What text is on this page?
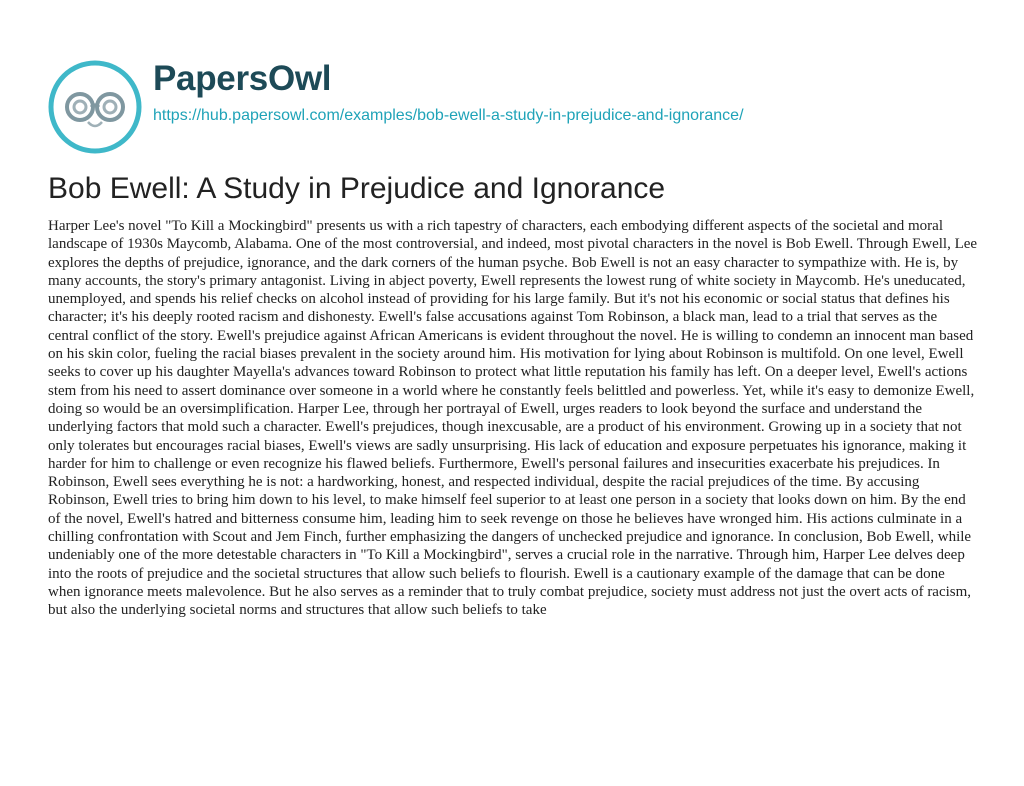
PapersOwl
https://hub.papersowl.com/examples/bob-ewell-a-study-in-prejudice-and-ignorance/
Bob Ewell: A Study in Prejudice and Ignorance

Harper Lee's novel "To Kill a Mockingbird" presents us with a rich tapestry of characters, each embodying different aspects of the societal and moral landscape of 1930s Maycomb, Alabama. One of the most controversial, and indeed, most pivotal characters in the novel is Bob Ewell. Through Ewell, Lee explores the depths of prejudice, ignorance, and the dark corners of the human psyche. Bob Ewell is not an easy character to sympathize with. He is, by many accounts, the story's primary antagonist. Living in abject poverty, Ewell represents the lowest rung of white society in Maycomb. He's uneducated, unemployed, and spends his relief checks on alcohol instead of providing for his large family. But it's not his economic or social status that defines his character; it's his deeply rooted racism and dishonesty. Ewell's false accusations against Tom Robinson, a black man, lead to a trial that serves as the central conflict of the story. Ewell's prejudice against African Americans is evident throughout the novel. He is willing to condemn an innocent man based on his skin color, fueling the racial biases prevalent in the society around him. His motivation for lying about Robinson is multifold. On one level, Ewell seeks to cover up his daughter Mayella's advances toward Robinson to protect what little reputation his family has left. On a deeper level, Ewell's actions stem from his need to assert dominance over someone in a world where he constantly feels belittled and powerless. Yet, while it's easy to demonize Ewell, doing so would be an oversimplification. Harper Lee, through her portrayal of Ewell, urges readers to look beyond the surface and understand the underlying factors that mold such a character. Ewell's prejudices, though inexcusable, are a product of his environment. Growing up in a society that not only tolerates but encourages racial biases, Ewell's views are sadly unsurprising. His lack of education and exposure perpetuates his ignorance, making it harder for him to challenge or even recognize his flawed beliefs. Furthermore, Ewell's personal failures and insecurities exacerbate his prejudices. In Robinson, Ewell sees everything he is not: a hardworking, honest, and respected individual, despite the racial prejudices of the time. By accusing Robinson, Ewell tries to bring him down to his level, to make himself feel superior to at least one person in a society that looks down on him. By the end of the novel, Ewell's hatred and bitterness consume him, leading him to seek revenge on those he believes have wronged him. His actions culminate in a chilling confrontation with Scout and Jem Finch, further emphasizing the dangers of unchecked prejudice and ignorance. In conclusion, Bob Ewell, while undeniably one of the more detestable characters in "To Kill a Mockingbird", serves a crucial role in the narrative. Through him, Harper Lee delves deep into the roots of prejudice and the societal structures that allow such beliefs to flourish. Ewell is a cautionary example of the damage that can be done when ignorance meets malevolence. But he also serves as a reminder that to truly combat prejudice, society must address not just the overt acts of racism, but also the underlying societal norms and structures that allow such beliefs to take
